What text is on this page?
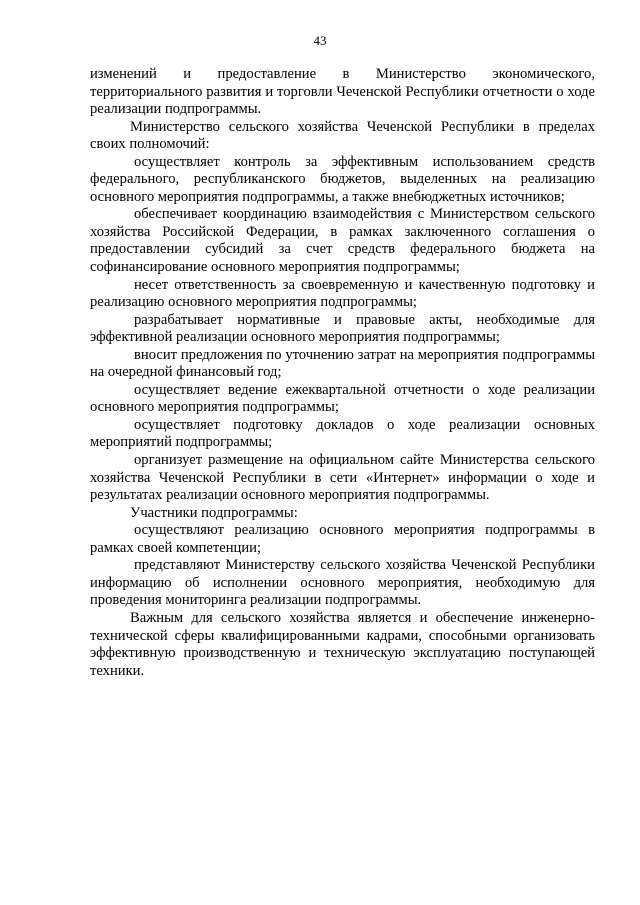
43

изменений и предоставление в Министерство экономического, территориального развития и торговли Чеченской Республики отчетности о ходе реализации подпрограммы.

Министерство сельского хозяйства Чеченской Республики в пределах своих полномочий:

осуществляет контроль за эффективным использованием средств федерального, республиканского бюджетов, выделенных на реализацию основного мероприятия подпрограммы, а также внебюджетных источников;

обеспечивает координацию взаимодействия с Министерством сельского хозяйства Российской Федерации, в рамках заключенного соглашения о предоставлении субсидий за счет средств федерального бюджета на софинансирование основного мероприятия подпрограммы;

несет ответственность за своевременную и качественную подготовку и реализацию основного мероприятия подпрограммы;

разрабатывает нормативные и правовые акты, необходимые для эффективной реализации основного мероприятия подпрограммы;

вносит предложения по уточнению затрат на мероприятия подпрограммы на очередной финансовый год;

осуществляет ведение ежеквартальной отчетности о ходе реализации основного мероприятия подпрограммы;

осуществляет подготовку докладов о ходе реализации основных мероприятий подпрограммы;

организует размещение на официальном сайте Министерства сельского хозяйства Чеченской Республики в сети «Интернет» информации о ходе и результатах реализации основного мероприятия подпрограммы.

Участники подпрограммы:

осуществляют реализацию основного мероприятия подпрограммы в рамках своей компетенции;

представляют Министерству сельского хозяйства Чеченской Республики информацию об исполнении основного мероприятия, необходимую для проведения мониторинга реализации подпрограммы.

Важным для сельского хозяйства является и обеспечение инженерно-технической сферы квалифицированными кадрами, способными организовать эффективную производственную и техническую эксплуатацию поступающей техники.
